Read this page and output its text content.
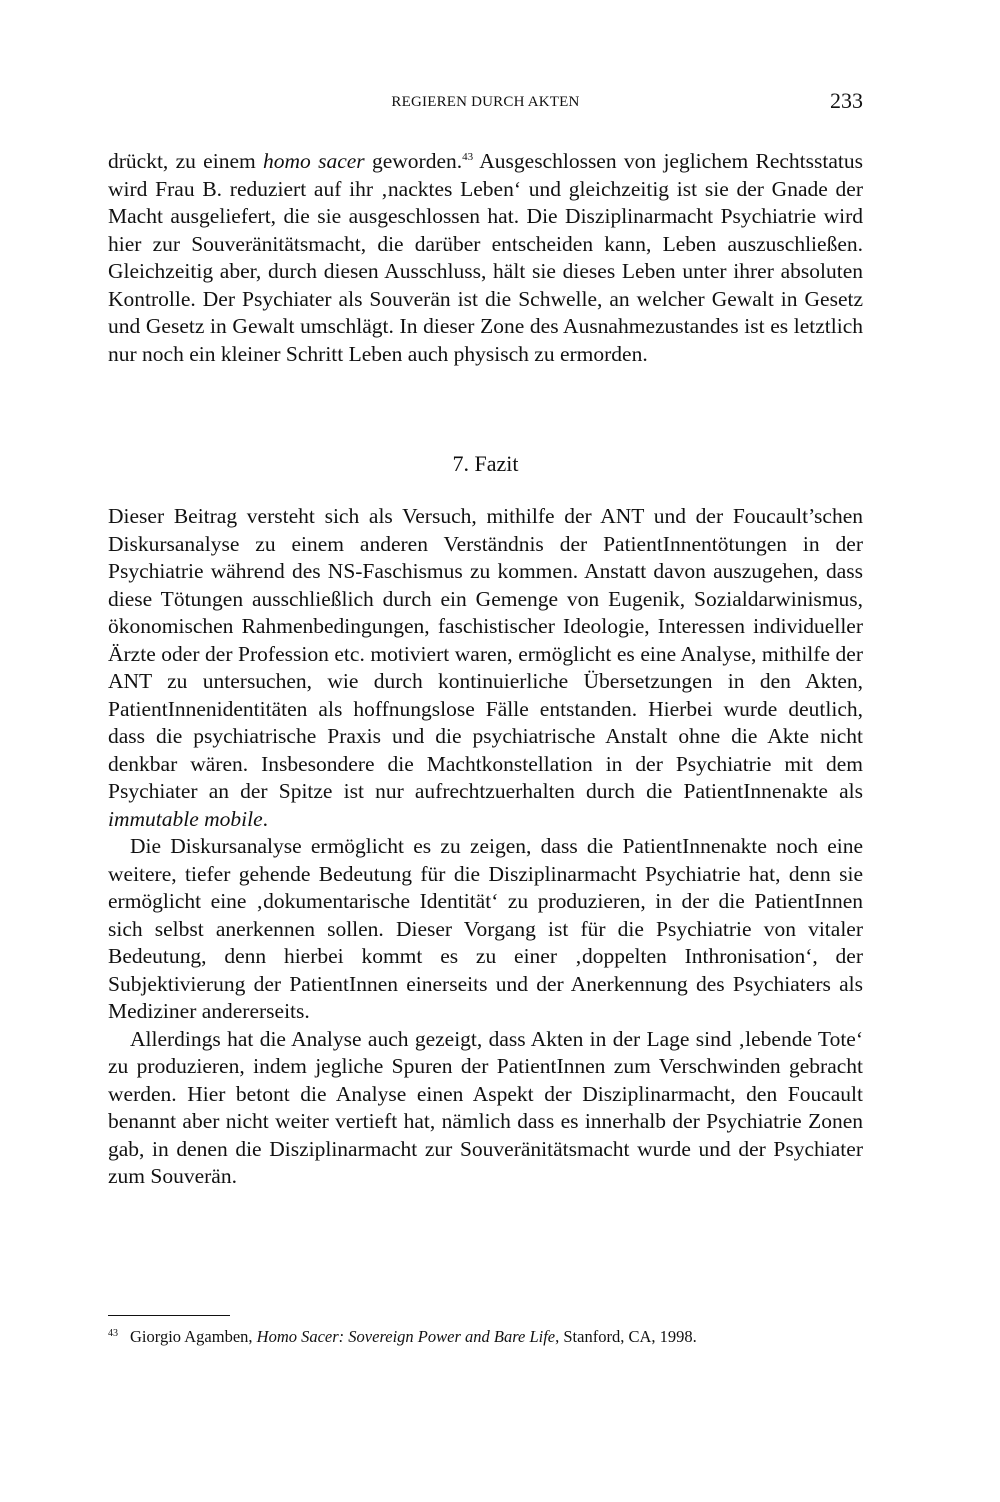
REGIEREN DURCH AKTEN	233

drückt, zu einem homo sacer geworden.$^{43}$ Ausgeschlossen von jeglichem Rechtsstatus wird Frau B. reduziert auf ihr ‚nacktes Leben‘ und gleichzeitig ist sie der Gnade der Macht ausgeliefert, die sie ausgeschlossen hat. Die Disziplinarmacht Psychiatrie wird hier zur Souveränitätsmacht, die darüber entscheiden kann, Leben auszuschließen. Gleichzeitig aber, durch diesen Ausschluss, hält sie dieses Leben unter ihrer absoluten Kontrolle. Der Psychiater als Souverän ist die Schwelle, an welcher Gewalt in Gesetz und Gesetz in Gewalt umschlägt. In dieser Zone des Ausnahmezustandes ist es letztlich nur noch ein kleiner Schritt Leben auch physisch zu ermorden.

7. Fazit

Dieser Beitrag versteht sich als Versuch, mithilfe der ANT und der Foucault’schen Diskursanalyse zu einem anderen Verständnis der PatientInnentötungen in der Psychiatrie während des NS-Faschismus zu kommen. Anstatt davon auszugehen, dass diese Tötungen ausschließlich durch ein Gemenge von Eugenik, Sozialdarwinismus, ökonomischen Rahmenbedingungen, faschistischer Ideologie, Interessen individueller Ärzte oder der Profession etc. motiviert waren, ermöglicht es eine Analyse, mithilfe der ANT zu untersuchen, wie durch kontinuierliche Übersetzungen in den Akten, PatientInnenidentitäten als hoffnungslose Fälle entstanden. Hierbei wurde deutlich, dass die psychiatrische Praxis und die psychiatrische Anstalt ohne die Akte nicht denkbar wären. Insbesondere die Machtkonstellation in der Psychiatrie mit dem Psychiater an der Spitze ist nur aufrechtzuerhalten durch die PatientInnenakte als immutable mobile.

Die Diskursanalyse ermöglicht es zu zeigen, dass die PatientInnenakte noch eine weitere, tiefer gehende Bedeutung für die Disziplinarmacht Psychiatrie hat, denn sie ermöglicht eine ‚dokumentarische Identität‘ zu produzieren, in der die PatientInnen sich selbst anerkennen sollen. Dieser Vorgang ist für die Psychiatrie von vitaler Bedeutung, denn hierbei kommt es zu einer ‚doppelten Inthronisation‘, der Subjektivierung der PatientInnen einerseits und der Anerkennung des Psychiaters als Mediziner andererseits.

Allerdings hat die Analyse auch gezeigt, dass Akten in der Lage sind ‚lebende Tote‘ zu produzieren, indem jegliche Spuren der PatientInnen zum Verschwinden gebracht werden. Hier betont die Analyse einen Aspekt der Disziplinarmacht, den Foucault benannt aber nicht weiter vertieft hat, nämlich dass es innerhalb der Psychiatrie Zonen gab, in denen die Disziplinarmacht zur Souveränitätsmacht wurde und der Psychiater zum Souverän.

$^{43}$ Giorgio Agamben, Homo Sacer: Sovereign Power and Bare Life, Stanford, CA, 1998.
